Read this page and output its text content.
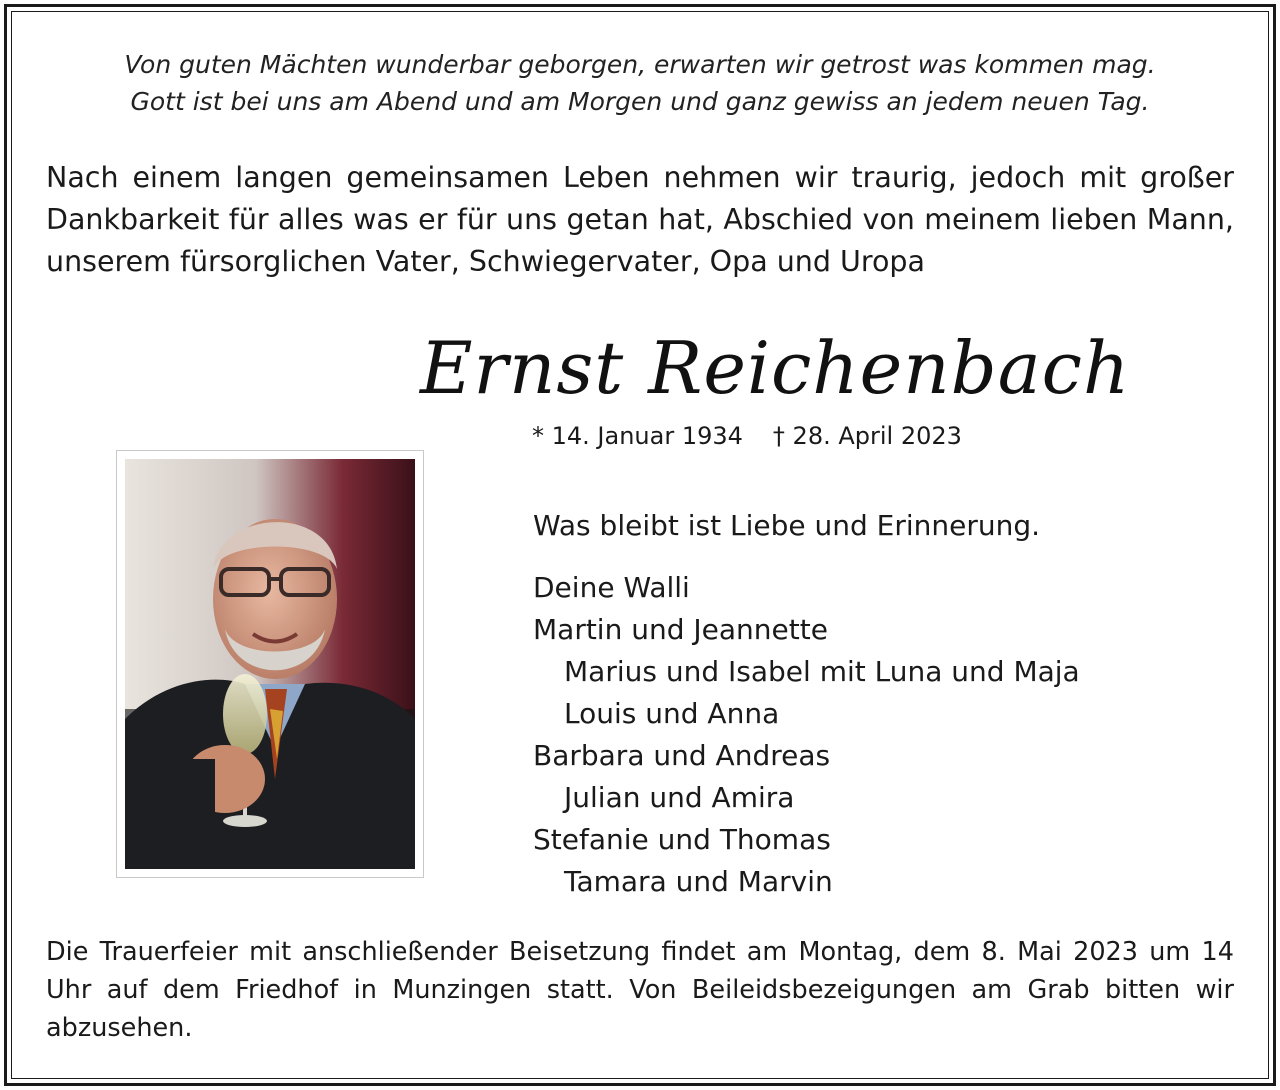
Von guten Mächten wunderbar geborgen, erwarten wir getrost was kommen mag.
Gott ist bei uns am Abend und am Morgen und ganz gewiss an jedem neuen Tag.
Nach einem langen gemeinsamen Leben nehmen wir traurig, jedoch mit großer Dankbarkeit für alles was er für uns getan hat, Abschied von meinem lieben Mann, unserem fürsorglichen Vater, Schwiegervater, Opa und Uropa
Ernst Reichenbach
* 14. Januar 1934 † 28. April 2023
Was bleibt ist Liebe und Erinnerung.
Deine Walli
Martin und Jeannette
Marius und Isabel mit Luna und Maja
Louis und Anna
Barbara und Andreas
Julian und Amira
Stefanie und Thomas
Tamara und Marvin
Die Trauerfeier mit anschließender Beisetzung findet am Montag, dem 8. Mai 2023 um 14 Uhr auf dem Friedhof in Munzingen statt. Von Beileidsbezeigungen am Grab bitten wir abzusehen.
